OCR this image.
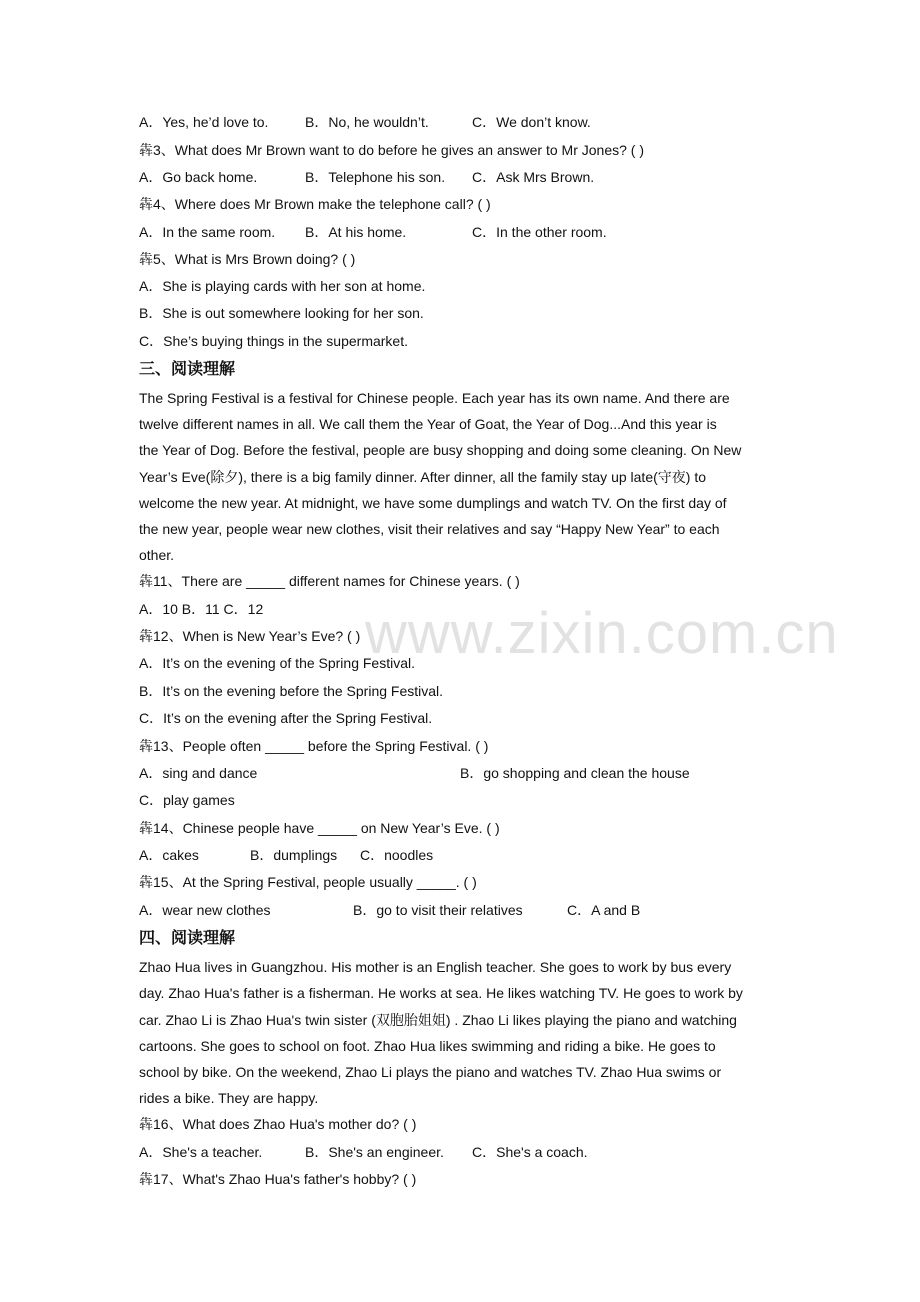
www.zixin.com.cn
A．Yes, he’d love to.	B．No, he wouldn’t.	C．We don’t know.
犇3、What does Mr Brown want to do before he gives an answer to Mr Jones? ( )
A．Go back home.	B．Telephone his son. C．Ask Mrs Brown.
犇4、Where does Mr Brown make the telephone call? ( )
A．In the same room. B．At his home.	C．In the other room.
犇5、What is Mrs Brown doing? ( )
A．She is playing cards with her son at home.
B．She is out somewhere looking for her son.
C．She’s buying things in the supermarket.
三、阅读理解
The Spring Festival is a festival for Chinese people. Each year has its own name. And there are
twelve different names in all. We call them the Year of Goat, the Year of Dog...And this year is
the Year of Dog. Before the festival, people are busy shopping and doing some cleaning. On New
Year’s Eve(除夕), there is a big family dinner. After dinner, all the family stay up late(守夜) to
welcome the new year. At midnight, we have some dumplings and watch TV. On the first day of
the new year, people wear new clothes, visit their relatives and say “Happy New Year” to each
other.
犇11、There are _____ different names for Chinese years. ( )
A．10 B．11 C．12
犇12、When is New Year’s Eve? ( )
A．It’s on the evening of the Spring Festival.
B．It’s on the evening before the Spring Festival.
C．It’s on the evening after the Spring Festival.
犇13、People often _____ before the Spring Festival. ( )
A．sing and dance	B．go shopping and clean the house
C．play games
犇14、Chinese people have _____ on New Year’s Eve. ( )
A．cakes	B．dumplings C．noodles
犇15、At the Spring Festival, people usually _____. ( )
A．wear new clothes	B．go to visit their relatives	C．A and B
四、阅读理解
Zhao Hua lives in Guangzhou. His mother is an English teacher. She goes to work by bus every
day. Zhao Hua's father is a fisherman. He works at sea. He likes watching TV. He goes to work by
car. Zhao Li is Zhao Hua's twin sister (双胞胎姐姐) . Zhao Li likes playing the piano and watching
cartoons. She goes to school on foot. Zhao Hua likes swimming and riding a bike. He goes to
school by bike. On the weekend, Zhao Li plays the piano and watches TV. Zhao Hua swims or
rides a bike. They are happy.
犇16、What does Zhao Hua's mother do? ( )
A．She's a teacher.	B．She's an engineer. C．She's a coach.
犇17、What's Zhao Hua's father's hobby? ( )
